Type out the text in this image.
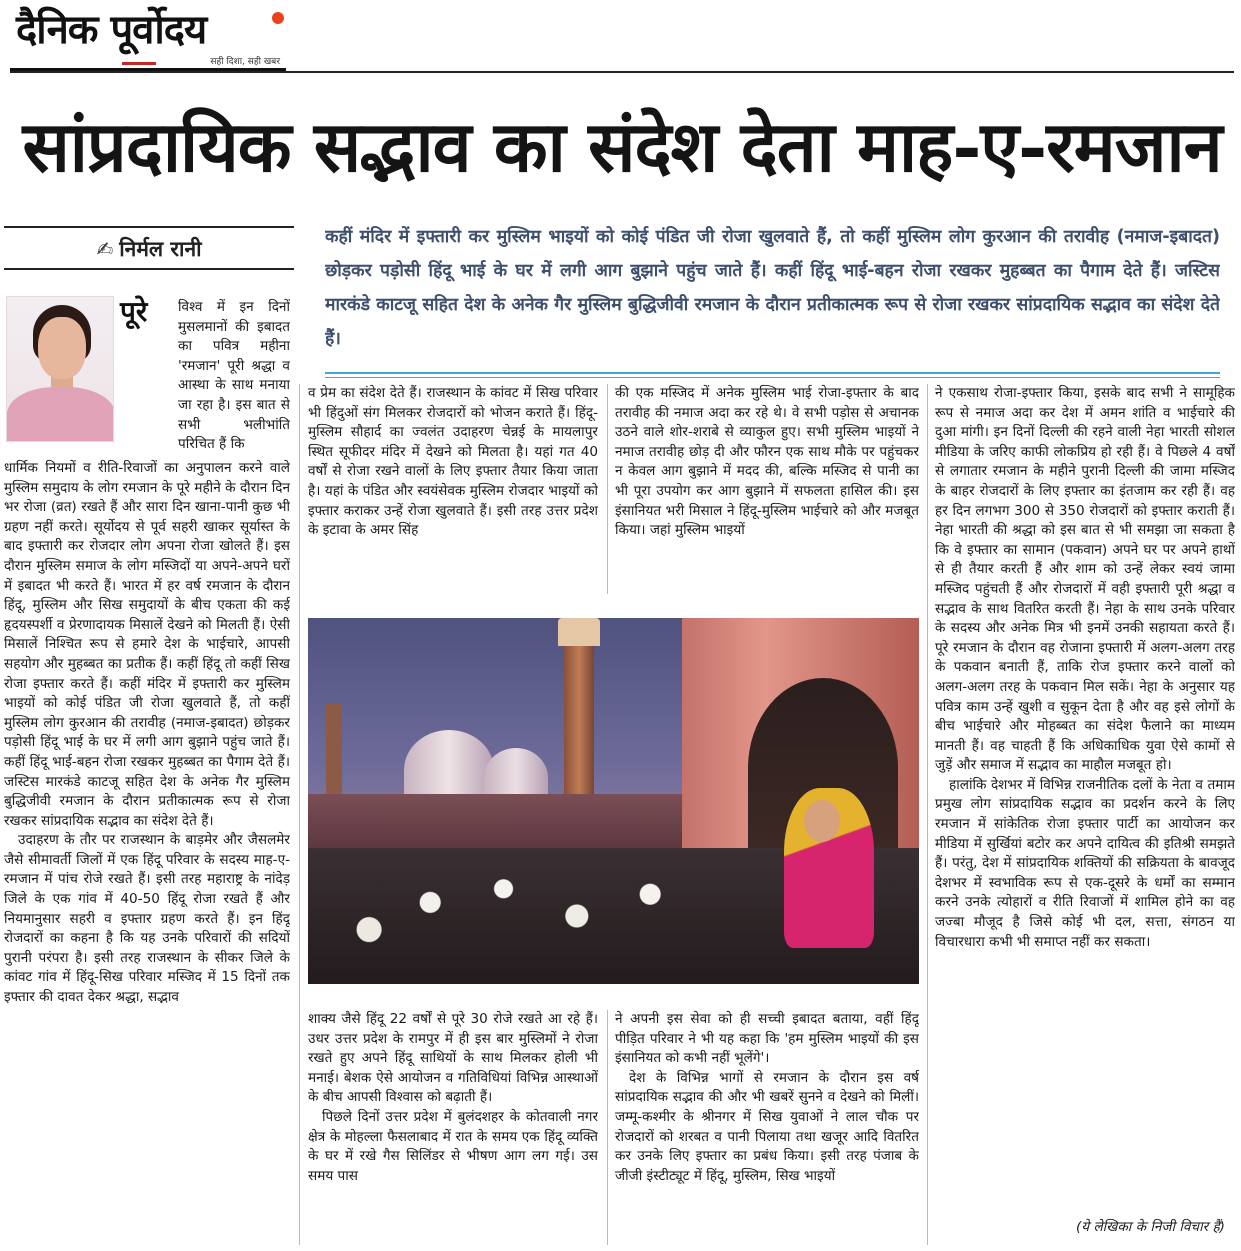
दैनिक पूर्वोदय
सही दिशा, सही खबर
सांप्रदायिक सद्भाव का संदेश देता माह-ए-रमजान
✍ निर्मल रानी	कहीं मंदिर में इफ्तारी कर मुस्लिम भाइयों को कोई पंडित जी रोजा खुलवाते हैं, तो कहीं मुस्लिम लोग कुरआन की तरावीह (नमाज-इबादत) छोड़कर पड़ोसी हिंदू भाई के घर में लगी आग बुझाने पहुंच जाते हैं। कहीं हिंदू भाई-बहन रोजा रखकर मुहब्बत का पैगाम देते हैं। जस्टिस मारकंडे काटजू सहित देश के अनेक गैर मुस्लिम बुद्धिजीवी रमजान के दौरान प्रतीकात्मक रूप से रोजा रखकर सांप्रदायिक सद्भाव का संदेश देते हैं।
पूरे	विश्व में इन दिनों मुसलमानों की इबादत का पवित्र महीना 'रमजान' पूरी श्रद्धा व आस्था के साथ मनाया जा रहा है। इस बात से सभी भलीभांति परिचित हैं कि

धार्मिक नियमों व रीति-रिवाजों का अनुपालन करने वाले मुस्लिम समुदाय के लोग रमजान के पूरे महीने के दौरान दिन भर रोजा (व्रत) रखते हैं और सारा दिन खाना-पानी कुछ भी ग्रहण नहीं करते। सूर्योदय से पूर्व सहरी खाकर सूर्यास्त के बाद इफ्तारी कर रोजदार लोग अपना रोजा खोलते हैं। इस दौरान मुस्लिम समाज के लोग मस्जिदों या अपने-अपने घरों में इबादत भी करते हैं। भारत में हर वर्ष रमजान के दौरान हिंदू, मुस्लिम और सिख समुदायों के बीच एकता की कई हृदयस्पर्शी व प्रेरणादायक मिसालें देखने को मिलती हैं। ऐसी मिसालें निश्चित रूप से हमारे देश के भाईचारे, आपसी सहयोग और मुहब्बत का प्रतीक हैं। कहीं हिंदू तो कहीं सिख रोजा इफ्तार करते हैं। कहीं मंदिर में इफ्तारी कर मुस्लिम भाइयों को कोई पंडित जी रोजा खुलवाते हैं, तो कहीं मुस्लिम लोग कुरआन की तरावीह (नमाज-इबादत) छोड़कर पड़ोसी हिंदू भाई के घर में लगी आग बुझाने पहुंच जाते हैं। कहीं हिंदू भाई-बहन रोजा रखकर मुहब्बत का पैगाम देते हैं। जस्टिस मारकंडे काटजू सहित देश के अनेक गैर मुस्लिम बुद्धिजीवी रमजान के दौरान प्रतीकात्मक रूप से रोजा रखकर सांप्रदायिक सद्भाव का संदेश देते हैं।

उदाहरण के तौर पर राजस्थान के बाड़मेर और जैसलमेर जैसे सीमावर्ती जिलों में एक हिंदू परिवार के सदस्य माह-ए-रमजान में पांच रोजे रखते हैं। इसी तरह महाराष्ट्र के नांदेड़ जिले के एक गांव में 40-50 हिंदू रोजा रखते हैं और नियमानुसार सहरी व इफ्तार ग्रहण करते हैं। इन हिंदू रोजदारों का कहना है कि यह उनके परिवारों की सदियों पुरानी परंपरा है। इसी तरह राजस्थान के सीकर जिले के कांवट गांव में हिंदू-सिख परिवार मस्जिद में 15 दिनों तक इफ्तार की दावत देकर श्रद्धा, सद्भाव

व प्रेम का संदेश देते हैं। राजस्थान के कांवट में सिख परिवार भी हिंदुओं संग मिलकर रोजदारों को भोजन कराते हैं। हिंदू-मुस्लिम सौहार्द का ज्वलंत उदाहरण चेन्नई के मायलापुर स्थित सूफीदर मंदिर में देखने को मिलता है। यहां गत 40 वर्षों से रोजा रखने वालों के लिए इफ्तार तैयार किया जाता है। यहां के पंडित और स्वयंसेवक मुस्लिम रोजदार भाइयों को इफ्तार कराकर उन्हें रोजा खुलवाते हैं। इसी तरह उत्तर प्रदेश के इटावा के अमर सिंह

की एक मस्जिद में अनेक मुस्लिम भाई रोजा-इफ्तार के बाद तरावीह की नमाज अदा कर रहे थे। वे सभी पड़ोस से अचानक उठने वाले शोर-शराबे से व्याकुल हुए। सभी मुस्लिम भाइयों ने नमाज तरावीह छोड़ दी और फौरन एक साथ मौके पर पहुंचकर न केवल आग बुझाने में मदद की, बल्कि मस्जिद से पानी का भी पूरा उपयोग कर आग बुझाने में सफलता हासिल की। इस इंसानियत भरी मिसाल ने हिंदू-मुस्लिम भाईचारे को और मजबूत किया। जहां मुस्लिम भाइयों

शाक्य जैसे हिंदू 22 वर्षों से पूरे 30 रोजे रखते आ रहे हैं। उधर उत्तर प्रदेश के रामपुर में ही इस बार मुस्लिमों ने रोजा रखते हुए अपने हिंदू साथियों के साथ मिलकर होली भी मनाई। बेशक ऐसे आयोजन व गतिविधियां विभिन्न आस्थाओं के बीच आपसी विश्वास को बढ़ाती हैं।

पिछले दिनों उत्तर प्रदेश में बुलंदशहर के कोतवाली नगर क्षेत्र के मोहल्ला फैसलाबाद में रात के समय एक हिंदू व्यक्ति के घर में रखे गैस सिलिंडर से भीषण आग लग गई। उस समय पास

ने अपनी इस सेवा को ही सच्ची इबादत बताया, वहीं हिंदू पीड़ित परिवार ने भी यह कहा कि 'हम मुस्लिम भाइयों की इस इंसानियत को कभी नहीं भूलेंगे'।

देश के विभिन्न भागों से रमजान के दौरान इस वर्ष सांप्रदायिक सद्भाव की और भी खबरें सुनने व देखने को मिलीं। जम्मू-कश्मीर के श्रीनगर में सिख युवाओं ने लाल चौक पर रोजदारों को शरबत व पानी पिलाया तथा खजूर आदि वितरित कर उनके लिए इफ्तार का प्रबंध किया। इसी तरह पंजाब के जीजी इंस्टीट्यूट में हिंदू, मुस्लिम, सिख भाइयों

ने एकसाथ रोजा-इफ्तार किया, इसके बाद सभी ने सामूहिक रूप से नमाज अदा कर देश में अमन शांति व भाईचारे की दुआ मांगी। इन दिनों दिल्ली की रहने वाली नेहा भारती सोशल मीडिया के जरिए काफी लोकप्रिय हो रही हैं। वे पिछले 4 वर्षों से लगातार रमजान के महीने पुरानी दिल्ली की जामा मस्जिद के बाहर रोजदारों के लिए इफ्तार का इंतजाम कर रही हैं। वह हर दिन लगभग 300 से 350 रोजदारों को इफ्तार कराती हैं। नेहा भारती की श्रद्धा को इस बात से भी समझा जा सकता है कि वे इफ्तार का सामान (पकवान) अपने घर पर अपने हाथों से ही तैयार करती हैं और शाम को उन्हें लेकर स्वयं जामा मस्जिद पहुंचती हैं और रोजदारों में वही इफ्तारी पूरी श्रद्धा व सद्भाव के साथ वितरित करती हैं। नेहा के साथ उनके परिवार के सदस्य और अनेक मित्र भी इनमें उनकी सहायता करते हैं। पूरे रमजान के दौरान वह रोजाना इफ्तारी में अलग-अलग तरह के पकवान बनाती हैं, ताकि रोज इफ्तार करने वालों को अलग-अलग तरह के पकवान मिल सकें। नेहा के अनुसार यह पवित्र काम उन्हें खुशी व सुकून देता है और वह इसे लोगों के बीच भाईचारे और मोहब्बत का संदेश फैलाने का माध्यम मानती हैं। वह चाहती हैं कि अधिकाधिक युवा ऐसे कामों से जुड़ें और समाज में सद्भाव का माहौल मजबूत हो।

हालांकि देशभर में विभिन्न राजनीतिक दलों के नेता व तमाम प्रमुख लोग सांप्रदायिक सद्भाव का प्रदर्शन करने के लिए रमजान में सांकेतिक रोजा इफ्तार पार्टी का आयोजन कर मीडिया में सुर्खियां बटोर कर अपने दायित्व की इतिश्री समझते हैं। परंतु, देश में सांप्रदायिक शक्तियों की सक्रियता के बावजूद देशभर में स्वभाविक रूप से एक-दूसरे के धर्मों का सम्मान करने उनके त्योहारों व रीति रिवाजों में शामिल होने का वह जज्बा मौजूद है जिसे कोई भी दल, सत्ता, संगठन या विचारधारा कभी भी समाप्त नहीं कर सकता।

(ये लेखिका के निजी विचार हैं)
